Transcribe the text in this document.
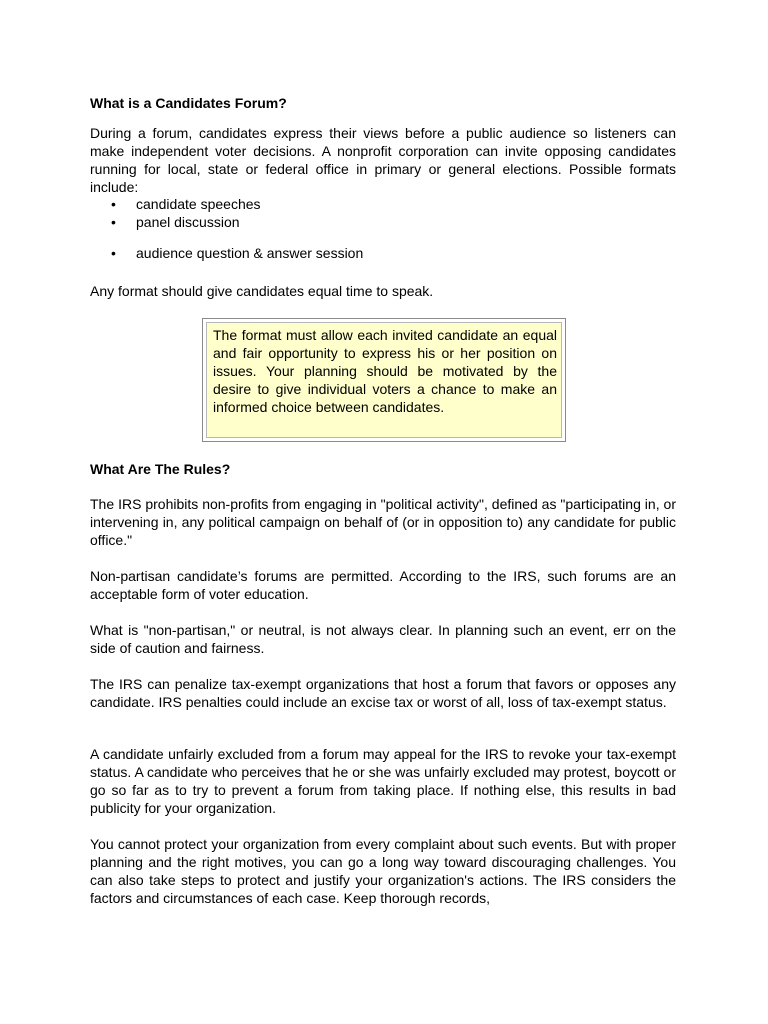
What is a Candidates Forum?

During a forum, candidates express their views before a public audience so listeners can make independent voter decisions. A nonprofit corporation can invite opposing candidates running for local, state or federal office in primary or general elections. Possible formats include:

• candidate speeches
• panel discussion
• audience question & answer session

Any format should give candidates equal time to speak.

The format must allow each invited candidate an equal and fair opportunity to express his or her position on issues. Your planning should be motivated by the desire to give individual voters a chance to make an informed choice between candidates.
What Are The Rules?

The IRS prohibits non-profits from engaging in "political activity", defined as "participating in, or intervening in, any political campaign on behalf of (or in opposition to) any candidate for public office."

Non-partisan candidate’s forums are permitted. According to the IRS, such forums are an acceptable form of voter education.

What is "non-partisan," or neutral, is not always clear. In planning such an event, err on the side of caution and fairness.

The IRS can penalize tax-exempt organizations that host a forum that favors or opposes any candidate. IRS penalties could include an excise tax or worst of all, loss of tax-exempt status.

A candidate unfairly excluded from a forum may appeal for the IRS to revoke your tax-exempt status. A candidate who perceives that he or she was unfairly excluded may protest, boycott or go so far as to try to prevent a forum from taking place. If nothing else, this results in bad publicity for your organization.

You cannot protect your organization from every complaint about such events. But with proper planning and the right motives, you can go a long way toward discouraging challenges. You can also take steps to protect and justify your organization's actions. The IRS considers the factors and circumstances of each case. Keep thorough records,
